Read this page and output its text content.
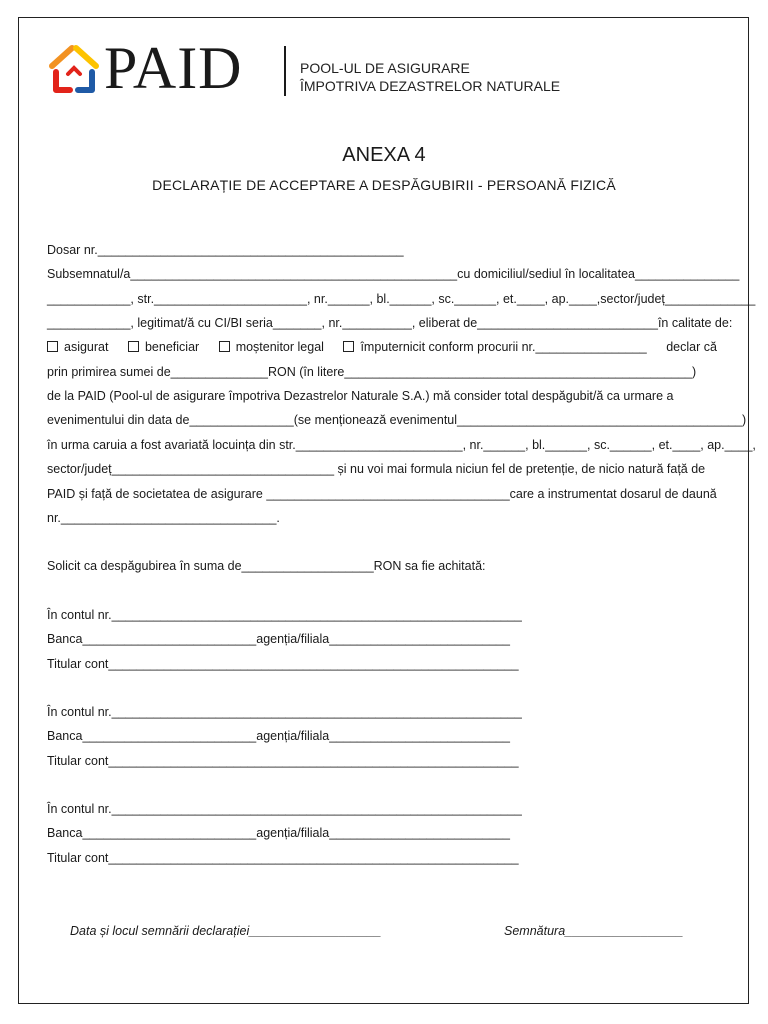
PAID	POOL-UL DE ASIGURARE
ÎMPOTRIVA DEZASTRELOR NATURALE
ANEXA 4
DECLARAȚIE DE ACCEPTARE A DESPĂGUBIRII - PERSOANĂ FIZICĂ
Dosar nr.____________________________________________
Subsemnatul/a_______________________________________________ cu domiciliul/sediul în localitatea_______________
____________, str.______________________, nr.______, bl.______, sc.______, et.____, ap.____, sector/județ_____________
____________, legitimat/ă cu CI/BI seria_______, nr.__________, eliberat de__________________________ în calitate de:
asigurat	beneficiar	moștenitor legal	împuternicit conform procurii nr.________________ declar că
prin primirea sumei de______________RON (în litere__________________________________________________)
de la PAID (Pool-ul de asigurare împotriva Dezastrelor Naturale S.A.) mă consider total despăgubit/ă ca urmare a
evenimentului din data de_______________(se menționează evenimentul_________________________________________)
în urma caruia a fost avariată locuința din str.________________________, nr.______, bl.______, sc.______, et.____, ap.____,
sector/județ________________________________ și nu voi mai formula niciun fel de pretenție, de nicio natură față de
PAID și față de societatea de asigurare ___________________________________care a instrumentat dosarul de daună
nr._______________________________.
Solicit ca despăgubirea în suma de___________________RON sa fie achitată:
În contul nr.___________________________________________________________
Banca_________________________agenția/filiala__________________________
Titular cont___________________________________________________________
În contul nr.___________________________________________________________
Banca_________________________agenția/filiala__________________________
Titular cont___________________________________________________________
În contul nr.___________________________________________________________
Banca_________________________agenția/filiala__________________________
Titular cont___________________________________________________________
Data și locul semnării declarației___________________	Semnătura_________________
